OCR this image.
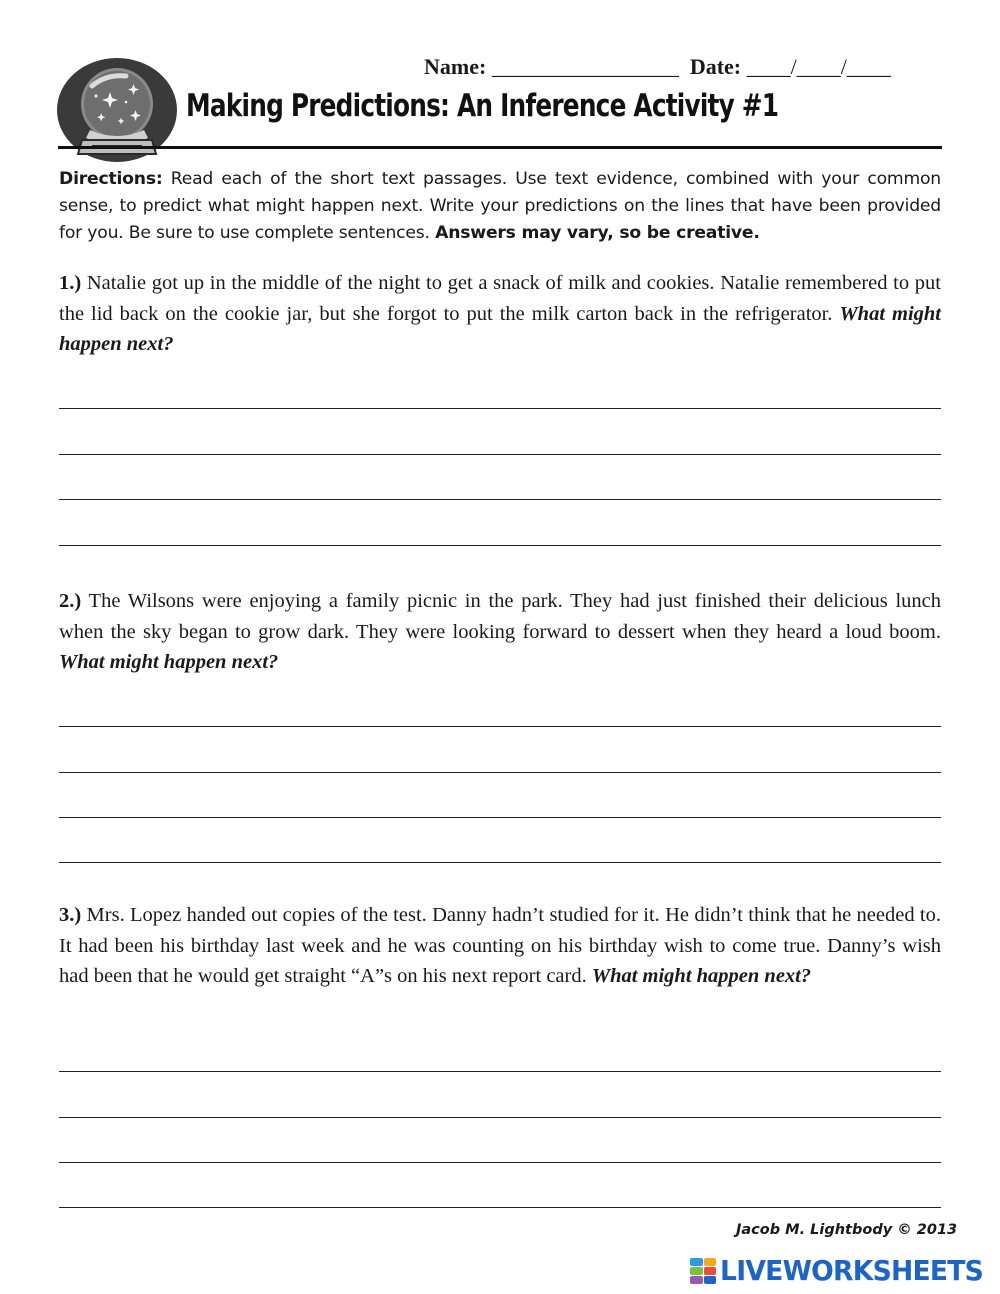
Name: _________________ Date: ____/____/____
Making Predictions: An Inference Activity #1
Directions: Read each of the short text passages. Use text evidence, combined with your common sense, to predict what might happen next. Write your predictions on the lines that have been provided for you. Be sure to use complete sentences. Answers may vary, so be creative.
1.) Natalie got up in the middle of the night to get a snack of milk and cookies. Natalie remembered to put the lid back on the cookie jar, but she forgot to put the milk carton back in the refrigerator. What might happen next?
2.) The Wilsons were enjoying a family picnic in the park. They had just finished their delicious lunch when the sky began to grow dark. They were looking forward to dessert when they heard a loud boom. What might happen next?
3.) Mrs. Lopez handed out copies of the test. Danny hadn’t studied for it. He didn’t think that he needed to. It had been his birthday last week and he was counting on his birthday wish to come true. Danny’s wish had been that he would get straight “A”s on his next report card. What might happen next?
Jacob M. Lightbody © 2013
LIVEWORKSHEETS
